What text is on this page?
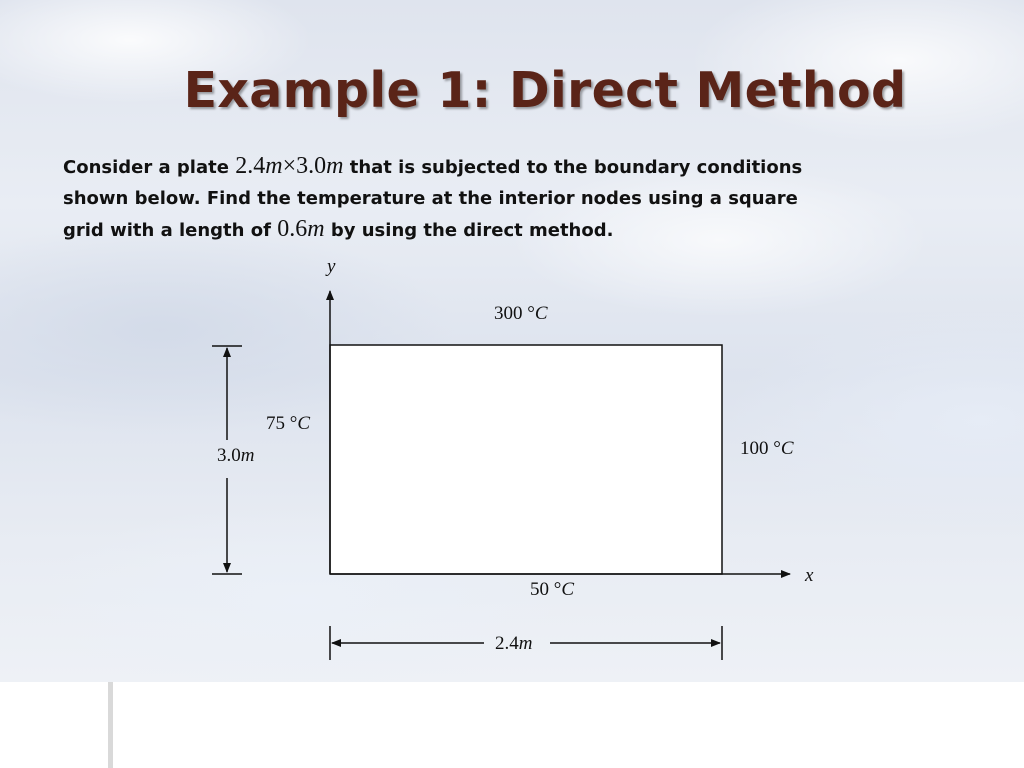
Example 1: Direct Method
Consider a plate 2.4m×3.0m that is subjected to the boundary conditions
shown below. Find the temperature at the interior nodes using a square
grid with a length of 0.6m by using the direct method.
y
x
300 °C
75 °C
100 °C
50 °C
3.0m
2.4m
